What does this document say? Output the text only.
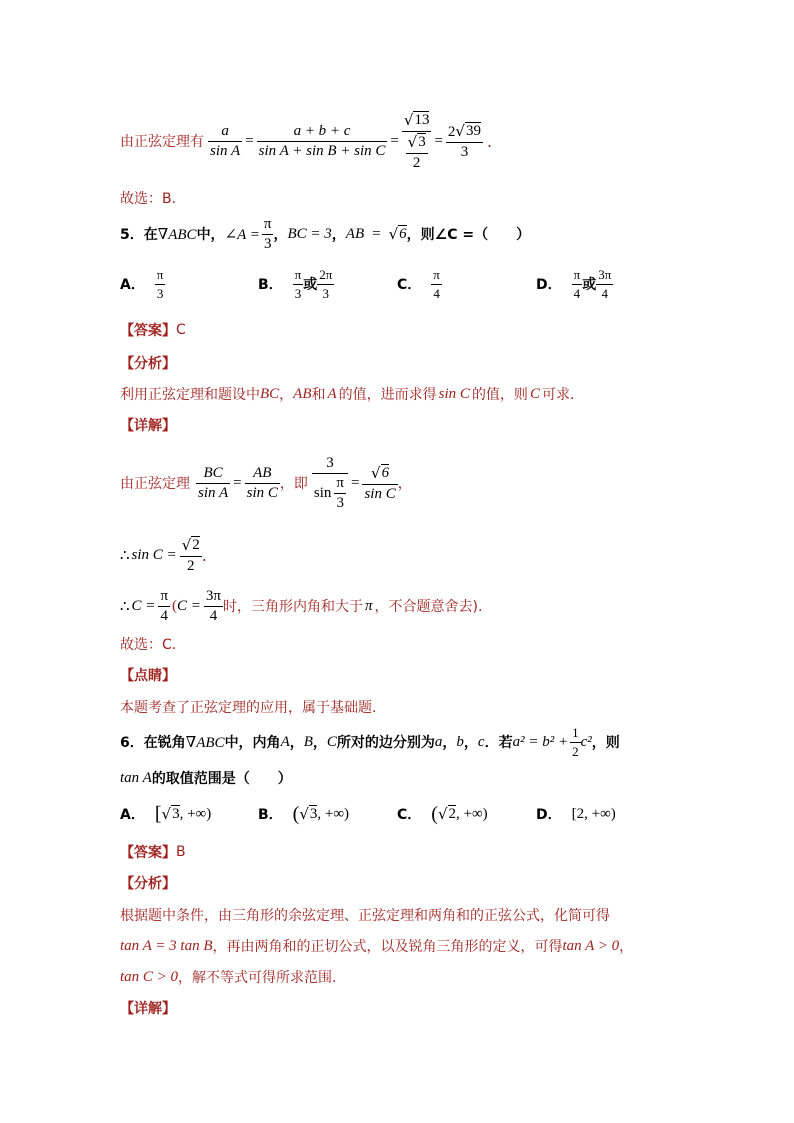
由正弦定理有 $\frac{a}{\text{sin A}} = \frac{a + b + c}{\text{sin A + sin B + sin C}} = \frac{√ 13}{\frac{√ 3}{2}} = \frac{2 √ 39}{3}$ .
故选：B.
5．在 ∇ABC 中， ∠A = $\frac{\pi}{3}$ ， BC = 3 ， AB = √ 6 ，则∠C =（　　）
A． $\frac{\pi}{3}$	B． $\frac{\pi}{3}$ 或 $\frac{2\pi}{3}$	C． $\frac{\pi}{4}$	D． $\frac{\pi}{4}$ 或 $\frac{3\pi}{4}$
【答案】 C
【分析】
利用正弦定理和题设中 BC ， AB 和 A 的值，进而求得 sin C 的值，则 C 可求.
【详解】
由正弦定理 $\frac{BC}{\text{sin A}} = \frac{AB}{\text{sin C}}$ ，即 $\frac{3}{\sin \frac{\pi}{3}} = \frac{√ 6}{\text{sin C}}$ ，
∴ $\sin C = \frac{√ 2}{2}$ .
∴ $C = \frac{\pi}{4}$ ( $C = \frac{3\pi}{4}$ 时，三角形内角和大于 π ，不合题意舍去).
故选：C.
【点睛】
本题考查了正弦定理的应用，属于基础题.
6．在锐角 ∇ABC 中，内角 A ， B ， C 所对的边分别为 a ， b ， c ．若 $a^2 = b^2 + \frac{1}{2} c^2$ ，则
tan A 的取值范围是（　　）
A． [ √ 3 , +∞)	B． ( √ 3 , +∞)	C． ( √ 2 , +∞)	D． [2, +∞)
【答案】 B
【分析】
根据题中条件，由三角形的余弦定理、正弦定理和两角和的正弦公式，化简可得
tan A = 3 tan B ，再由两角和的正切公式，以及锐角三角形的定义，可得 tan A > 0 ，
tan C > 0 ，解不等式可得所求范围.
【详解】
